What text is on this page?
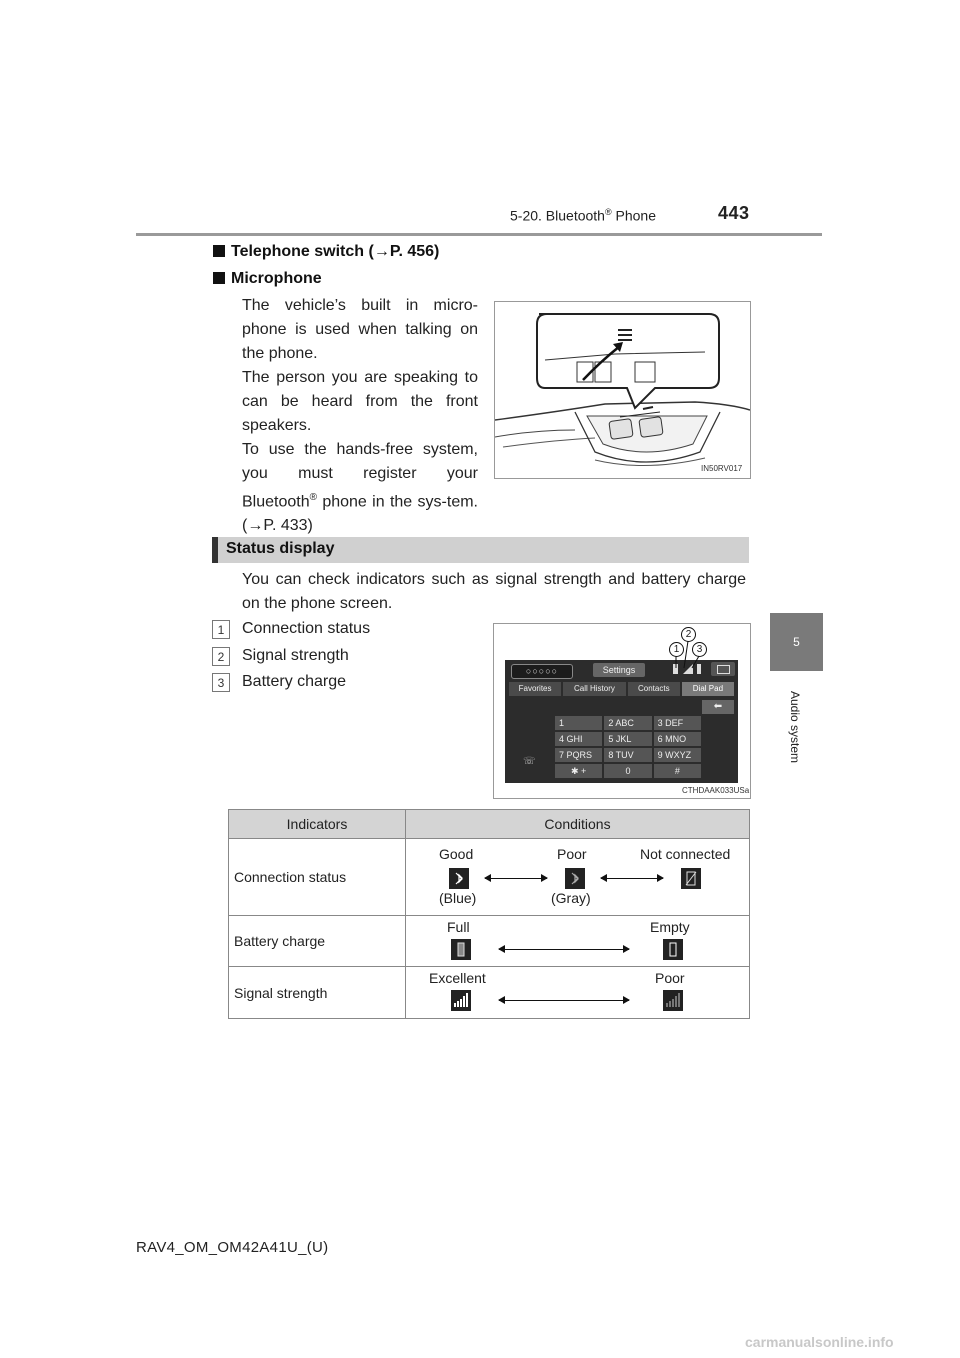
5-20. Bluetooth® Phone	443
5
Audio system
Telephone switch (→P. 456)
Microphone
The vehicle’s built in micro-phone is used when talking on the phone.
The person you are speaking to can be heard from the front speakers.
To use the hands-free system, you must register your Bluetooth® phone in the sys-tem. (→P. 433)
IN50RV017
Status display
You can check indicators such as signal strength and battery charge on the phone screen.
1	Connection status
2	Signal strength
3	Battery charge
○○○○○	Settings
Favorites	Call History	Contacts	Dial Pad
⬅
☏
1	2 ABC	3 DEF
4 GHI	5 JKL	6 MNO
7 PQRS	8 TUV	9 WXYZ
✱ +	0	#
1
2
3
CTHDAAK033USa
Indicators	Conditions
Connection status	Good Poor Not connected
(Blue) (Gray)

Battery charge	Full Empty

Signal strength	Excellent Poor
RAV4_OM_OM42A41U_(U)
carmanualsonline.info
